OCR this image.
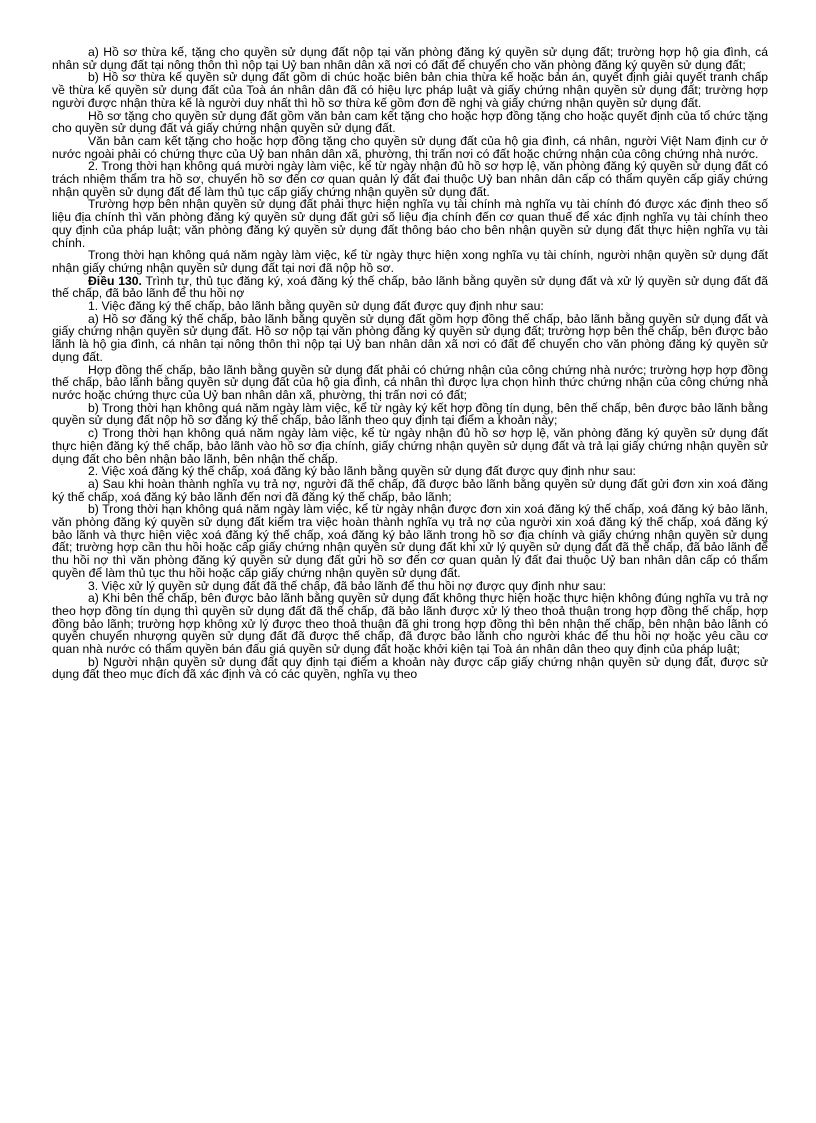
a) Hồ sơ thừa kế, tặng cho quyền sử dụng đất nộp tại văn phòng đăng ký quyền sử dụng đất; trường hợp hộ gia đình, cá nhân sử dụng đất tại nông thôn thì nộp tại Uỷ ban nhân dân xã nơi có đất để chuyển cho văn phòng đăng ký quyền sử dụng đất;

b) Hồ sơ thừa kế quyền sử dụng đất gồm di chúc hoặc biên bản chia thừa kế hoặc bản án, quyết định giải quyết tranh chấp về thừa kế quyền sử dụng đất của Toà án nhân dân đã có hiệu lực pháp luật và giấy chứng nhận quyền sử dụng đất; trường hợp người được nhận thừa kế là người duy nhất thì hồ sơ thừa kế gồm đơn đề nghị và giấy chứng nhận quyền sử dụng đất.

Hồ sơ tặng cho quyền sử dụng đất gồm văn bản cam kết tặng cho hoặc hợp đồng tặng cho hoặc quyết định của tổ chức tặng cho quyền sử dụng đất và giấy chứng nhận quyền sử dụng đất.

Văn bản cam kết tặng cho hoặc hợp đồng tặng cho quyền sử dụng đất của hộ gia đình, cá nhân, người Việt Nam định cư ở nước ngoài phải có chứng thực của Uỷ ban nhân dân xã, phường, thị trấn nơi có đất hoặc chứng nhận của công chứng nhà nước.

2. Trong thời hạn không quá mười ngày làm việc, kể từ ngày nhận đủ hồ sơ hợp lệ, văn phòng đăng ký quyền sử dụng đất có trách nhiệm thẩm tra hồ sơ, chuyển hồ sơ đến cơ quan quản lý đất đai thuộc Uỷ ban nhân dân cấp có thẩm quyền cấp giấy chứng nhận quyền sử dụng đất để làm thủ tục cấp giấy chứng nhận quyền sử dụng đất.

Trường hợp bên nhận quyền sử dụng đất phải thực hiện nghĩa vụ tài chính mà nghĩa vụ tài chính đó được xác định theo số liệu địa chính thì văn phòng đăng ký quyền sử dụng đất gửi số liệu địa chính đến cơ quan thuế để xác định nghĩa vụ tài chính theo quy định của pháp luật; văn phòng đăng ký quyền sử dụng đất thông báo cho bên nhận quyền sử dụng đất thực hiện nghĩa vụ tài chính.

Trong thời hạn không quá năm ngày làm việc, kể từ ngày thực hiện xong nghĩa vụ tài chính, người nhận quyền sử dụng đất nhận giấy chứng nhận quyền sử dụng đất tại nơi đã nộp hồ sơ.

Điều 130. Trình tự, thủ tục đăng ký, xoá đăng ký thế chấp, bảo lãnh bằng quyền sử dụng đất và xử lý quyền sử dụng đất đã thế chấp, đã bảo lãnh để thu hồi nợ

1. Việc đăng ký thế chấp, bảo lãnh bằng quyền sử dụng đất được quy định như sau:

a) Hồ sơ đăng ký thế chấp, bảo lãnh bằng quyền sử dụng đất gồm hợp đồng thế chấp, bảo lãnh bằng quyền sử dụng đất và giấy chứng nhận quyền sử dụng đất. Hồ sơ nộp tại văn phòng đăng ký quyền sử dụng đất; trường hợp bên thế chấp, bên được bảo lãnh là hộ gia đình, cá nhân tại nông thôn thì nộp tại Uỷ ban nhân dân xã nơi có đất để chuyển cho văn phòng đăng ký quyền sử dụng đất.

Hợp đồng thế chấp, bảo lãnh bằng quyền sử dụng đất phải có chứng nhận của công chứng nhà nước; trường hợp hợp đồng thế chấp, bảo lãnh bằng quyền sử dụng đất của hộ gia đình, cá nhân thì được lựa chọn hình thức chứng nhận của công chứng nhà nước hoặc chứng thực của Uỷ ban nhân dân xã, phường, thị trấn nơi có đất;

b) Trong thời hạn không quá năm ngày làm việc, kể từ ngày ký kết hợp đồng tín dụng, bên thế chấp, bên được bảo lãnh bằng quyền sử dụng đất nộp hồ sơ đăng ký thế chấp, bảo lãnh theo quy định tại điểm a khoản này;

c) Trong thời hạn không quá năm ngày làm việc, kể từ ngày nhận đủ hồ sơ hợp lệ, văn phòng đăng ký quyền sử dụng đất thực hiện đăng ký thế chấp, bảo lãnh vào hồ sơ địa chính, giấy chứng nhận quyền sử dụng đất và trả lại giấy chứng nhận quyền sử dụng đất cho bên nhận bảo lãnh, bên nhận thế chấp.

2. Việc xoá đăng ký thế chấp, xoá đăng ký bảo lãnh bằng quyền sử dụng đất được quy định như sau:

a) Sau khi hoàn thành nghĩa vụ trả nợ, người đã thế chấp, đã được bảo lãnh bằng quyền sử dụng đất gửi đơn xin xoá đăng ký thế chấp, xoá đăng ký bảo lãnh đến nơi đã đăng ký thế chấp, bảo lãnh;

b) Trong thời hạn không quá năm ngày làm việc, kể từ ngày nhận được đơn xin xoá đăng ký thế chấp, xoá đăng ký bảo lãnh, văn phòng đăng ký quyền sử dụng đất kiểm tra việc hoàn thành nghĩa vụ trả nợ của người xin xoá đăng ký thế chấp, xoá đăng ký bảo lãnh và thực hiện việc xoá đăng ký thế chấp, xoá đăng ký bảo lãnh trong hồ sơ địa chính và giấy chứng nhận quyền sử dụng đất; trường hợp cần thu hồi hoặc cấp giấy chứng nhận quyền sử dụng đất khi xử lý quyền sử dụng đất đã thế chấp, đã bảo lãnh để thu hồi nợ thì văn phòng đăng ký quyền sử dụng đất gửi hồ sơ đến cơ quan quản lý đất đai thuộc Uỷ ban nhân dân cấp có thẩm quyền để làm thủ tục thu hồi hoặc cấp giấy chứng nhận quyền sử dụng đất.

3. Việc xử lý quyền sử dụng đất đã thế chấp, đã bảo lãnh để thu hồi nợ được quy định như sau:

a) Khi bên thế chấp, bên được bảo lãnh bằng quyền sử dụng đất không thực hiện hoặc thực hiện không đúng nghĩa vụ trả nợ theo hợp đồng tín dụng thì quyền sử dụng đất đã thế chấp, đã bảo lãnh được xử lý theo thoả thuận trong hợp đồng thế chấp, hợp đồng bảo lãnh; trường hợp không xử lý được theo thoả thuận đã ghi trong hợp đồng thì bên nhận thế chấp, bên nhận bảo lãnh có quyền chuyển nhượng quyền sử dụng đất đã được thế chấp, đã được bảo lãnh cho người khác để thu hồi nợ hoặc yêu cầu cơ quan nhà nước có thẩm quyền bán đấu giá quyền sử dụng đất hoặc khởi kiện tại Toà án nhân dân theo quy định của pháp luật;

b) Người nhận quyền sử dụng đất quy định tại điểm a khoản này được cấp giấy chứng nhận quyền sử dụng đất, được sử dụng đất theo mục đích đã xác định và có các quyền, nghĩa vụ theo
